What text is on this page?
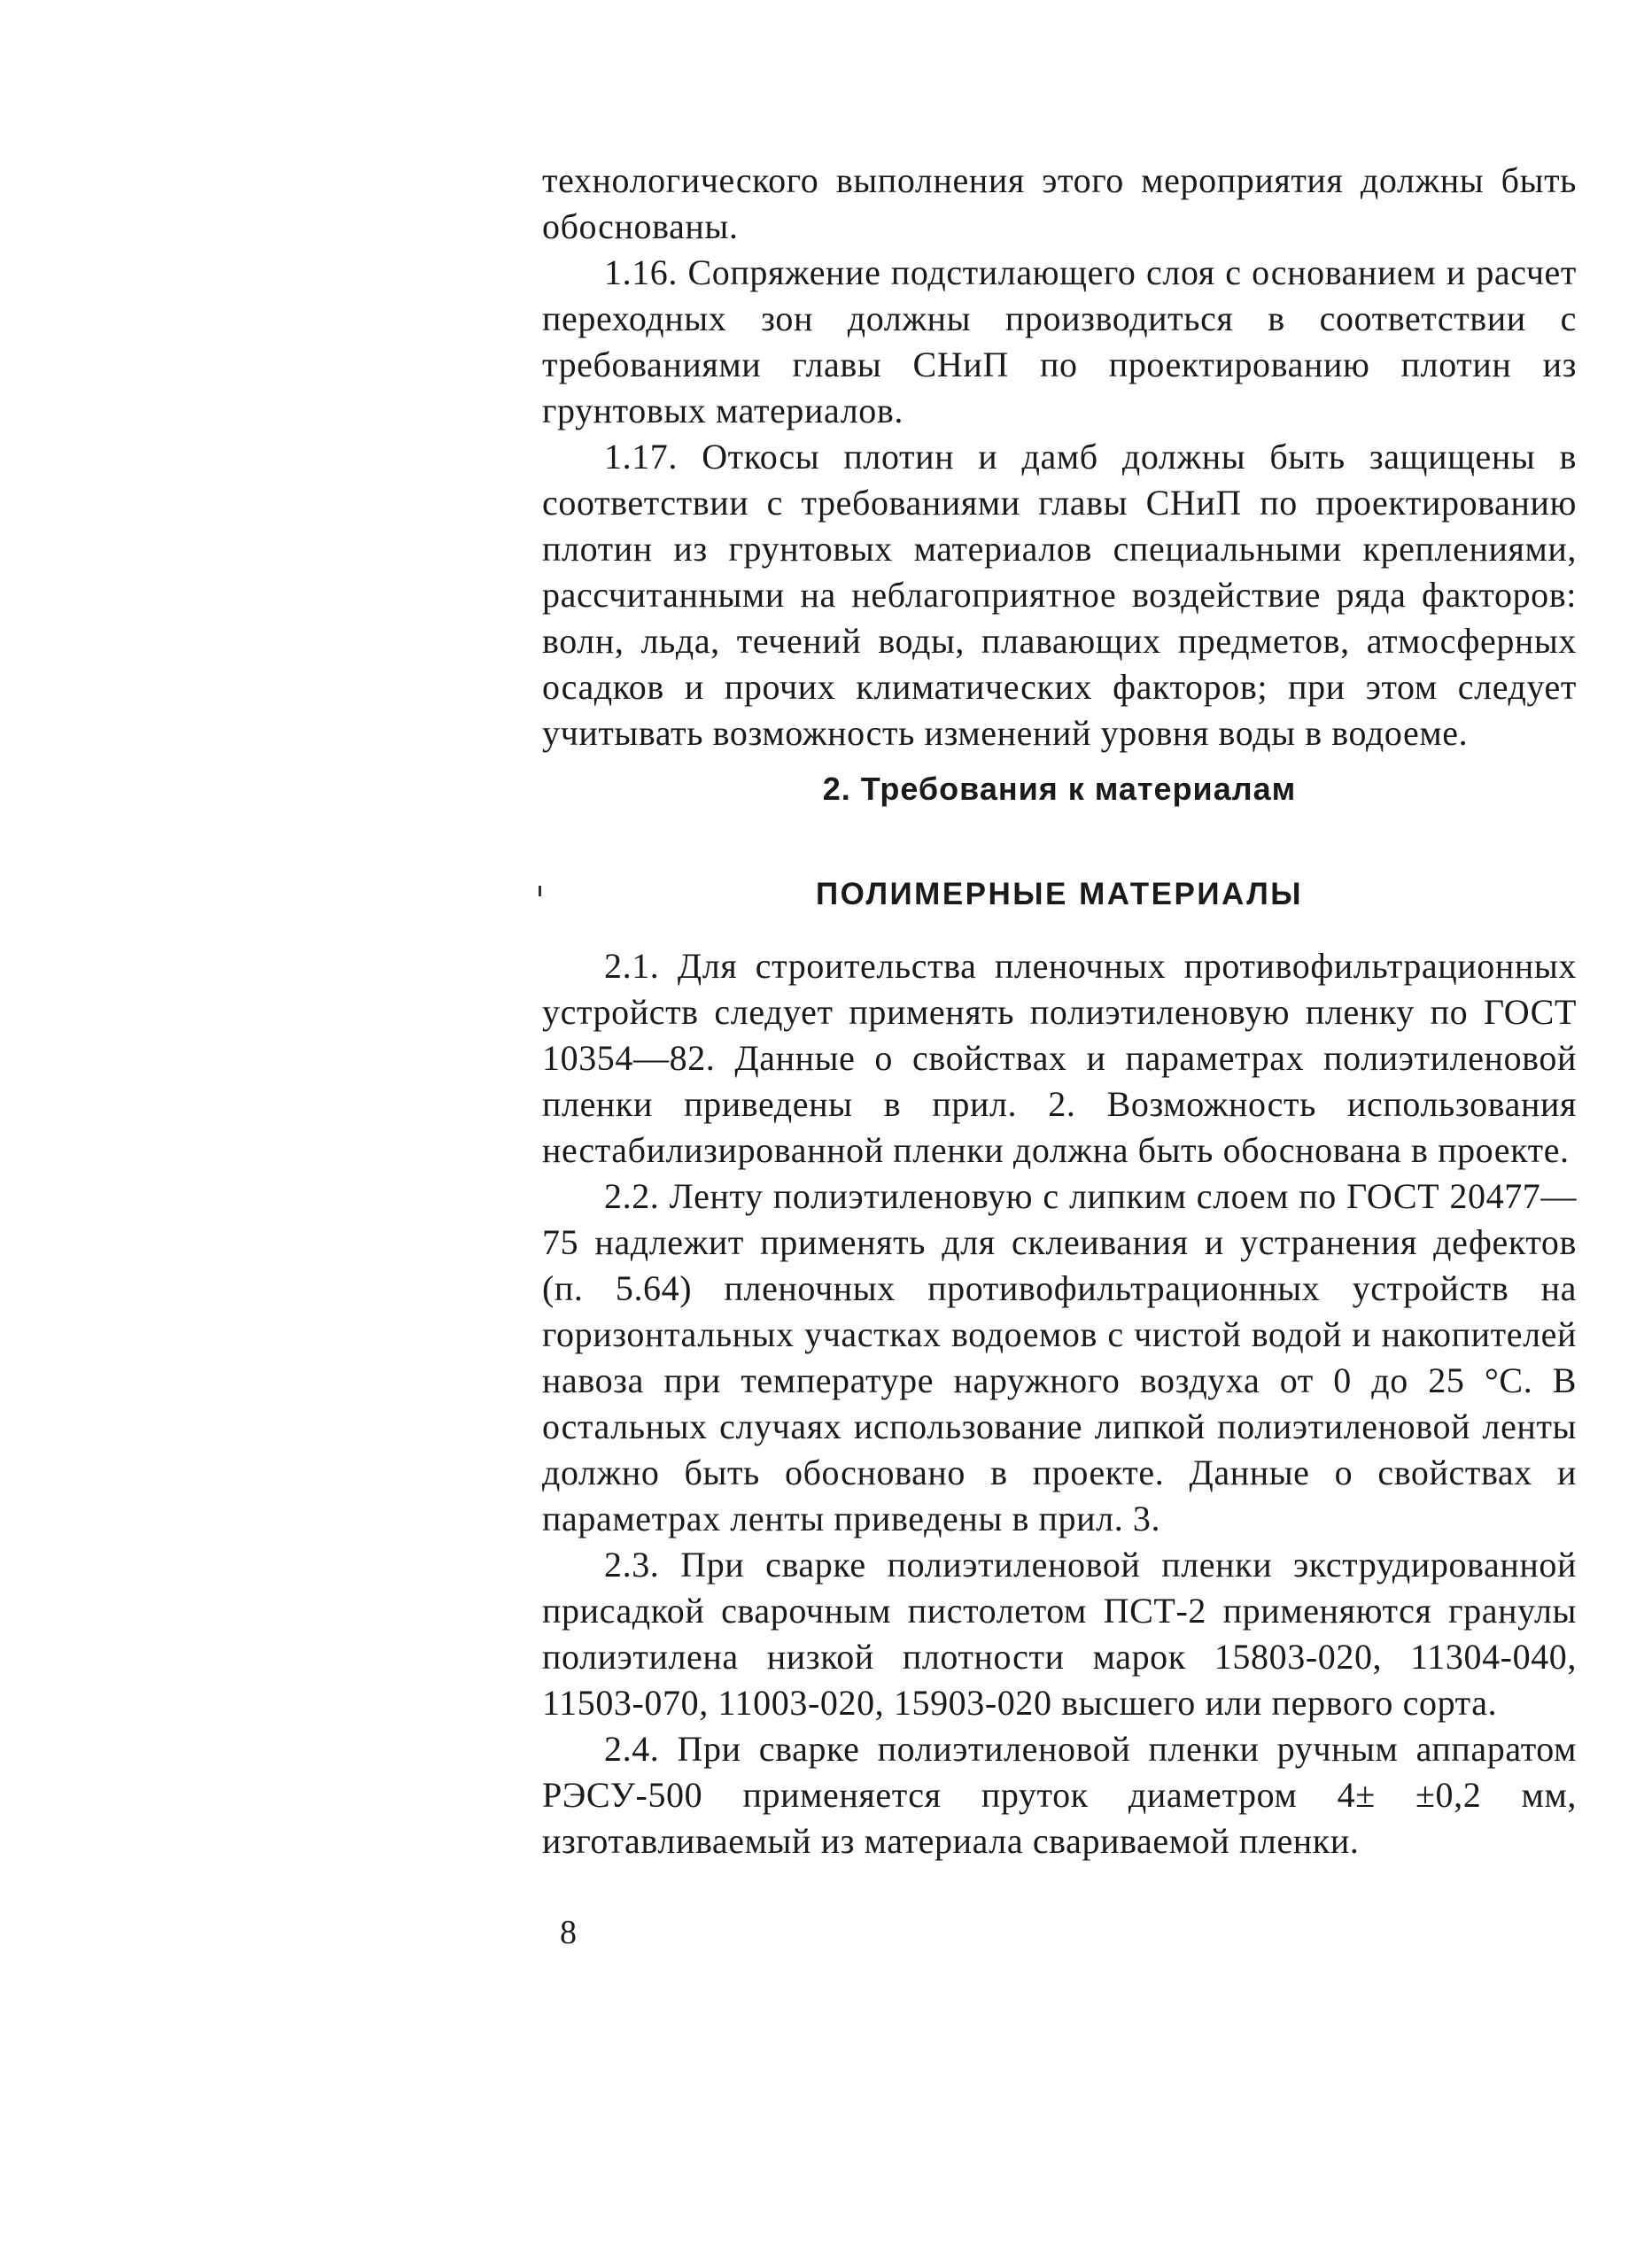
технологического выполнения этого мероприятия должны быть обоснованы.

1.16. Сопряжение подстилающего слоя с основанием и расчет переходных зон должны производиться в соответствии с требованиями главы СНиП по проектированию плотин из грунтовых материалов.

1.17. Откосы плотин и дамб должны быть защищены в соответствии с требованиями главы СНиП по проектированию плотин из грунтовых материалов специальными креплениями, рассчитанными на неблагоприятное воздействие ряда факторов: волн, льда, течений воды, плавающих предметов, атмосферных осадков и прочих климатических факторов; при этом следует учитывать возможность изменений уровня воды в водоеме.

2. Требования к материалам
ПОЛИМЕРНЫЕ МАТЕРИАЛЫ

2.1. Для строительства пленочных противофильтрационных устройств следует применять полиэтиленовую пленку по ГОСТ 10354—82. Данные о свойствах и параметрах полиэтиленовой пленки приведены в прил. 2. Возможность использования нестабилизированной пленки должна быть обоснована в проекте.

2.2. Ленту полиэтиленовую с липким слоем по ГОСТ 20477—75 надлежит применять для склеивания и устранения дефектов (п. 5.64) пленочных противофильтрационных устройств на горизонтальных участках водоемов с чистой водой и накопителей навоза при температуре наружного воздуха от 0 до 25 °С. В остальных случаях использование липкой полиэтиленовой ленты должно быть обосновано в проекте. Данные о свойствах и параметрах ленты приведены в прил. 3.

2.3. При сварке полиэтиленовой пленки экструдированной присадкой сварочным пистолетом ПСТ-2 применяются гранулы полиэтилена низкой плотности марок 15803-020, 11304-040, 11503-070, 11003-020, 15903-020 высшего или первого сорта.

2.4. При сварке полиэтиленовой пленки ручным аппаратом РЭСУ-500 применяется пруток диаметром 4± ±0,2 мм, изготавливаемый из материала свариваемой пленки.

8
